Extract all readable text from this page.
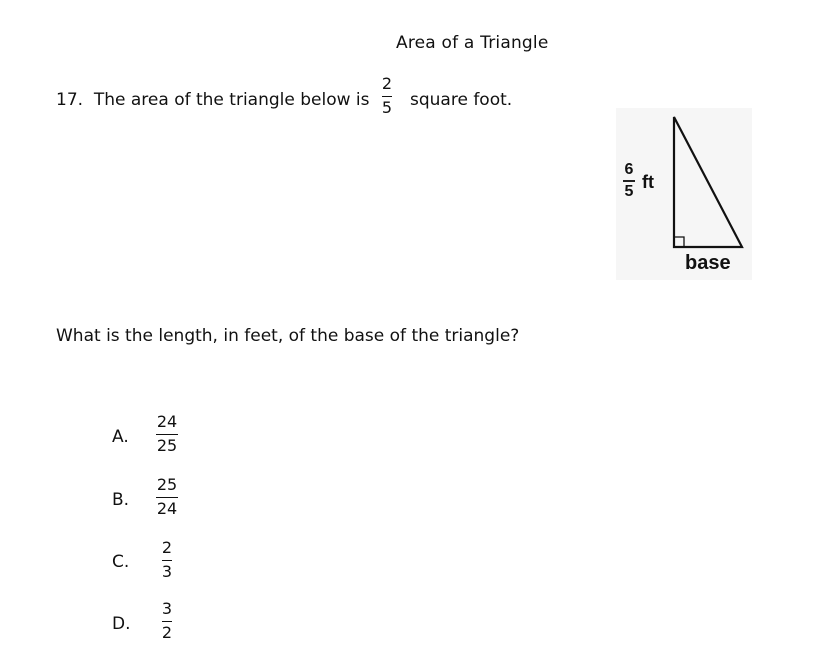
Area of a Triangle
17. The area of the triangle below is
2
5 square foot.
6
5 ft
base
What is the length, in feet, of the base of the triangle?
A.
24
25
B.
25
24
C.
2
3
D.
3
2
